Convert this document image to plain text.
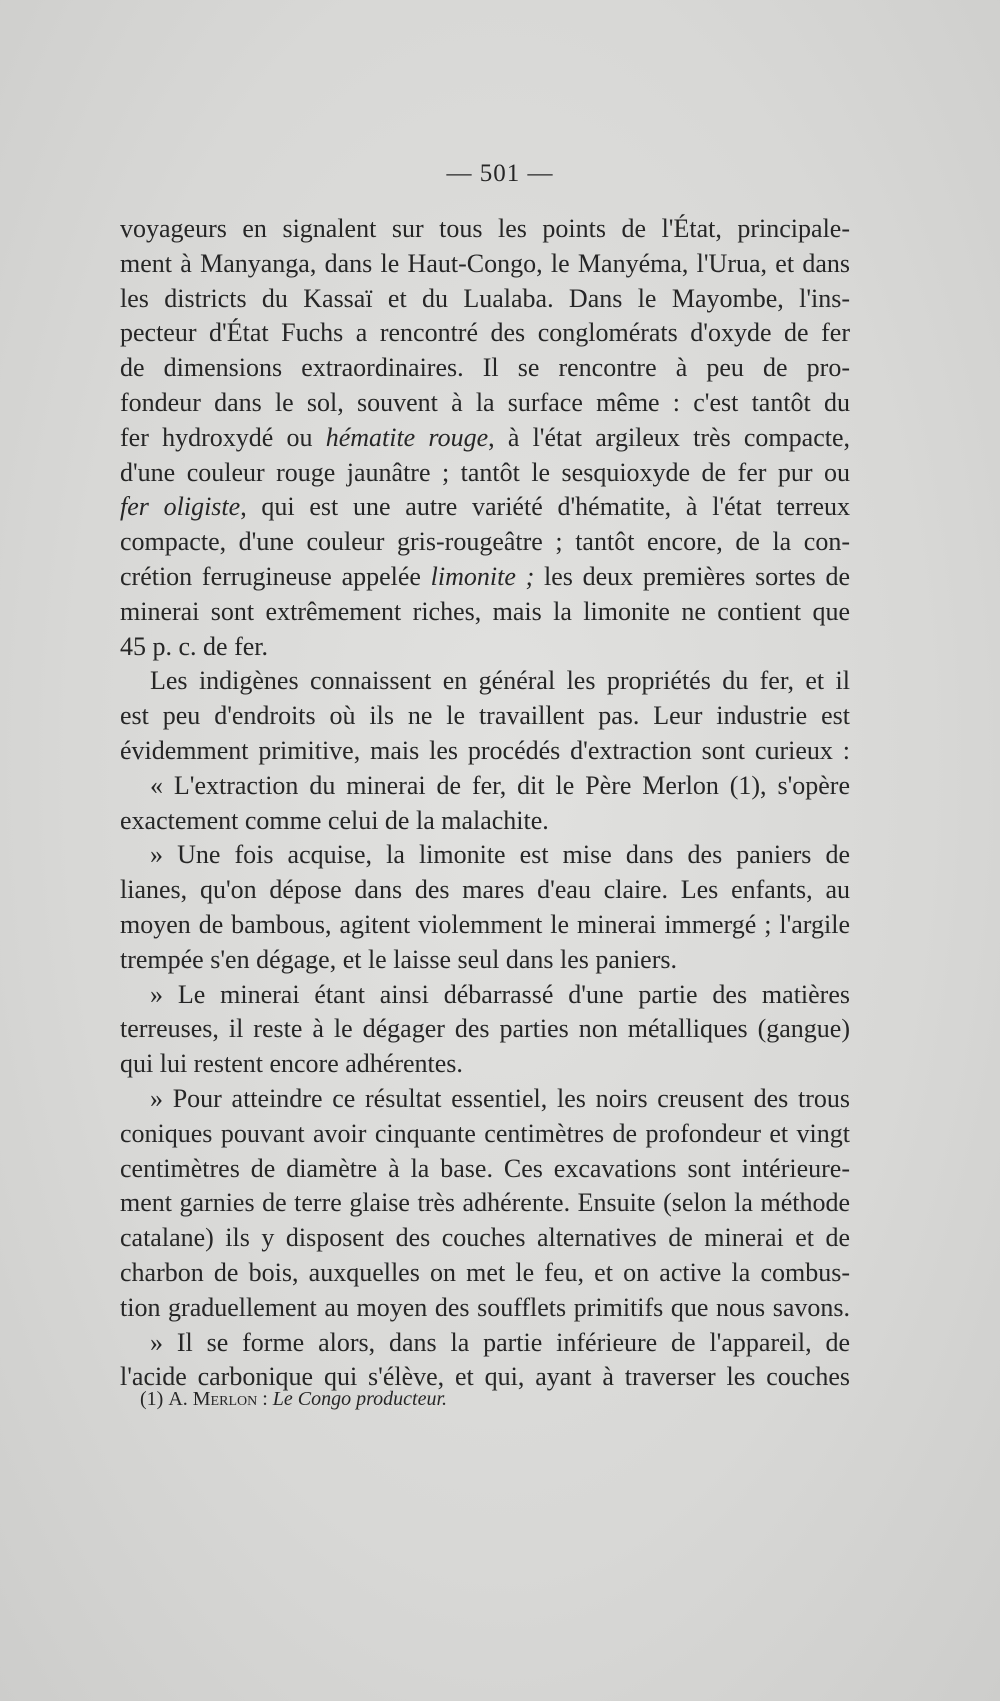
— 501 —
voyageurs en signalent sur tous les points de l'État, principale-
ment à Manyanga, dans le Haut-Congo, le Manyéma, l'Urua, et dans
les districts du Kassaï et du Lualaba. Dans le Mayombe, l'ins-
pecteur d'État Fuchs a rencontré des conglomérats d'oxyde de fer
de dimensions extraordinaires. Il se rencontre à peu de pro-
fondeur dans le sol, souvent à la surface même : c'est tantôt du
fer hydroxydé ou hématite rouge, à l'état argileux très compacte,
d'une couleur rouge jaunâtre ; tantôt le sesquioxyde de fer pur ou
fer oligiste, qui est une autre variété d'hématite, à l'état terreux
compacte, d'une couleur gris-rougeâtre ; tantôt encore, de la con-
crétion ferrugineuse appelée limonite ; les deux premières sortes de
minerai sont extrêmement riches, mais la limonite ne contient que
45 p. c. de fer.
Les indigènes connaissent en général les propriétés du fer, et il
est peu d'endroits où ils ne le travaillent pas. Leur industrie est
évidemment primitive, mais les procédés d'extraction sont curieux :
« L'extraction du minerai de fer, dit le Père Merlon (1), s'opère
exactement comme celui de la malachite.
» Une fois acquise, la limonite est mise dans des paniers de
lianes, qu'on dépose dans des mares d'eau claire. Les enfants, au
moyen de bambous, agitent violemment le minerai immergé ; l'argile
trempée s'en dégage, et le laisse seul dans les paniers.
» Le minerai étant ainsi débarrassé d'une partie des matières
terreuses, il reste à le dégager des parties non métalliques (gangue)
qui lui restent encore adhérentes.
» Pour atteindre ce résultat essentiel, les noirs creusent des trous
coniques pouvant avoir cinquante centimètres de profondeur et vingt
centimètres de diamètre à la base. Ces excavations sont intérieure-
ment garnies de terre glaise très adhérente. Ensuite (selon la méthode
catalane) ils y disposent des couches alternatives de minerai et de
charbon de bois, auxquelles on met le feu, et on active la combus-
tion graduellement au moyen des soufflets primitifs que nous savons.
» Il se forme alors, dans la partie inférieure de l'appareil, de
l'acide carbonique qui s'élève, et qui, ayant à traverser les couches
(1) A. Merlon : Le Congo producteur.
